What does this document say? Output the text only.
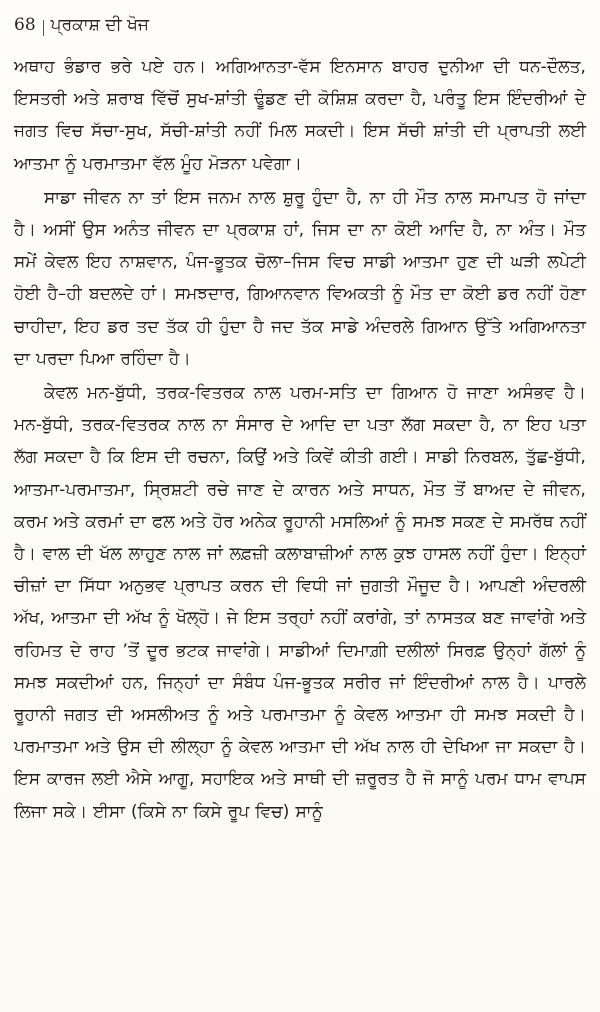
68 ਪ੍ਰਕਾਸ਼ ਦੀ ਖੋਜ

ਅਥਾਹ ਭੰਡਾਰ ਭਰੇ ਪਏ ਹਨ। ਅਗਿਆਨਤਾ-ਵੱਸ ਇਨਸਾਨ ਬਾਹਰ ਦੁਨੀਆ ਦੀ ਧਨ-ਦੌਲਤ, ਇਸਤਰੀ ਅਤੇ ਸ਼ਰਾਬ ਵਿੱਚੋਂ ਸੁਖ-ਸ਼ਾਂਤੀ ਢੂੰਡਣ ਦੀ ਕੋਸ਼ਿਸ਼ ਕਰਦਾ ਹੈ, ਪਰੰਤੂ ਇਸ ਇੰਦਰੀਆਂ ਦੇ ਜਗਤ ਵਿਚ ਸੱਚਾ-ਸੁਖ, ਸੱਚੀ-ਸ਼ਾਂਤੀ ਨਹੀਂ ਮਿਲ ਸਕਦੀ। ਇਸ ਸੱਚੀ ਸ਼ਾਂਤੀ ਦੀ ਪ੍ਰਾਪਤੀ ਲਈ ਆਤਮਾ ਨੂੰ ਪਰਮਾਤਮਾ ਵੱਲ ਮੂੰਹ ਮੋੜਨਾ ਪਵੇਗਾ।

ਸਾਡਾ ਜੀਵਨ ਨਾ ਤਾਂ ਇਸ ਜਨਮ ਨਾਲ ਸ਼ੁਰੂ ਹੁੰਦਾ ਹੈ, ਨਾ ਹੀ ਮੌਤ ਨਾਲ ਸਮਾਪਤ ਹੋ ਜਾਂਦਾ ਹੈ। ਅਸੀਂ ਉਸ ਅਨੰਤ ਜੀਵਨ ਦਾ ਪ੍ਰਕਾਸ਼ ਹਾਂ, ਜਿਸ ਦਾ ਨਾ ਕੋਈ ਆਦਿ ਹੈ, ਨਾ ਅੰਤ। ਮੌਤ ਸਮੇਂ ਕੇਵਲ ਇਹ ਨਾਸ਼ਵਾਨ, ਪੰਜ-ਭੂਤਕ ਚੋਲਾ–ਜਿਸ ਵਿਚ ਸਾਡੀ ਆਤਮਾ ਹੁਣ ਦੀ ਘੜੀ ਲਪੇਟੀ ਹੋਈ ਹੈ–ਹੀ ਬਦਲਦੇ ਹਾਂ। ਸਮਝਦਾਰ, ਗਿਆਨਵਾਨ ਵਿਅਕਤੀ ਨੂੰ ਮੌਤ ਦਾ ਕੋਈ ਡਰ ਨਹੀਂ ਹੋਣਾ ਚਾਹੀਦਾ, ਇਹ ਡਰ ਤਦ ਤੱਕ ਹੀ ਹੁੰਦਾ ਹੈ ਜਦ ਤੱਕ ਸਾਡੇ ਅੰਦਰਲੇ ਗਿਆਨ ਉੱਤੇ ਅਗਿਆਨਤਾ ਦਾ ਪਰਦਾ ਪਿਆ ਰਹਿੰਦਾ ਹੈ।

ਕੇਵਲ ਮਨ-ਬੁੱਧੀ, ਤਰਕ-ਵਿਤਰਕ ਨਾਲ ਪਰਮ-ਸਤਿ ਦਾ ਗਿਆਨ ਹੋ ਜਾਣਾ ਅਸੰਭਵ ਹੈ। ਮਨ-ਬੁੱਧੀ, ਤਰਕ-ਵਿਤਰਕ ਨਾਲ ਨਾ ਸੰਸਾਰ ਦੇ ਆਦਿ ਦਾ ਪਤਾ ਲੱਗ ਸਕਦਾ ਹੈ, ਨਾ ਇਹ ਪਤਾ ਲੱਗ ਸਕਦਾ ਹੈ ਕਿ ਇਸ ਦੀ ਰਚਨਾ, ਕਿਉਂ ਅਤੇ ਕਿਵੇਂ ਕੀਤੀ ਗਈ। ਸਾਡੀ ਨਿਰਬਲ, ਤੁੱਛ-ਬੁੱਧੀ, ਆਤਮਾ-ਪਰਮਾਤਮਾ, ਸ੍ਰਿਸ਼ਟੀ ਰਚੇ ਜਾਣ ਦੇ ਕਾਰਨ ਅਤੇ ਸਾਧਨ, ਮੌਤ ਤੋਂ ਬਾਅਦ ਦੇ ਜੀਵਨ, ਕਰਮ ਅਤੇ ਕਰਮਾਂ ਦਾ ਫਲ ਅਤੇ ਹੋਰ ਅਨੇਕ ਰੂਹਾਨੀ ਮਸਲਿਆਂ ਨੂੰ ਸਮਝ ਸਕਣ ਦੇ ਸਮਰੱਥ ਨਹੀਂ ਹੈ। ਵਾਲ ਦੀ ਖੱਲ ਲਾਹੁਣ ਨਾਲ ਜਾਂ ਲਫ਼ਜ਼ੀ ਕਲਾਬਾਜ਼ੀਆਂ ਨਾਲ ਕੁਝ ਹਾਸਲ ਨਹੀਂ ਹੁੰਦਾ। ਇਨ੍ਹਾਂ ਚੀਜ਼ਾਂ ਦਾ ਸਿੱਧਾ ਅਨੁਭਵ ਪ੍ਰਾਪਤ ਕਰਨ ਦੀ ਵਿਧੀ ਜਾਂ ਜੁਗਤੀ ਮੌਜੂਦ ਹੈ। ਆਪਣੀ ਅੰਦਰਲੀ ਅੱਖ, ਆਤਮਾ ਦੀ ਅੱਖ ਨੂੰ ਖੋਲ੍ਹੋ। ਜੇ ਇਸ ਤਰ੍ਹਾਂ ਨਹੀਂ ਕਰਾਂਗੇ, ਤਾਂ ਨਾਸਤਕ ਬਣ ਜਾਵਾਂਗੇ ਅਤੇ ਰਹਿਮਤ ਦੇ ਰਾਹ ’ਤੋਂ ਦੂਰ ਭਟਕ ਜਾਵਾਂਗੇ। ਸਾਡੀਆਂ ਦਿਮਾਗ਼ੀ ਦਲੀਲਾਂ ਸਿਰਫ਼ ਉਨ੍ਹਾਂ ਗੱਲਾਂ ਨੂੰ ਸਮਝ ਸਕਦੀਆਂ ਹਨ, ਜਿਨ੍ਹਾਂ ਦਾ ਸੰਬੰਧ ਪੰਜ-ਭੂਤਕ ਸਰੀਰ ਜਾਂ ਇੰਦਰੀਆਂ ਨਾਲ ਹੈ। ਪਾਰਲੇ ਰੂਹਾਨੀ ਜਗਤ ਦੀ ਅਸਲੀਅਤ ਨੂੰ ਅਤੇ ਪਰਮਾਤਮਾ ਨੂੰ ਕੇਵਲ ਆਤਮਾ ਹੀ ਸਮਝ ਸਕਦੀ ਹੈ। ਪਰਮਾਤਮਾ ਅਤੇ ਉਸ ਦੀ ਲੀਲ੍ਹਾ ਨੂੰ ਕੇਵਲ ਆਤਮਾ ਦੀ ਅੱਖ ਨਾਲ ਹੀ ਦੇਖਿਆ ਜਾ ਸਕਦਾ ਹੈ। ਇਸ ਕਾਰਜ ਲਈ ਐਸੇ ਆਗੂ, ਸਹਾਇਕ ਅਤੇ ਸਾਥੀ ਦੀ ਜ਼ਰੂਰਤ ਹੈ ਜੋ ਸਾਨੂੰ ਪਰਮ ਧਾਮ ਵਾਪਸ ਲਿਜਾ ਸਕੇ। ਈਸਾ (ਕਿਸੇ ਨਾ ਕਿਸੇ ਰੂਪ ਵਿਚ) ਸਾਨੂੰ
